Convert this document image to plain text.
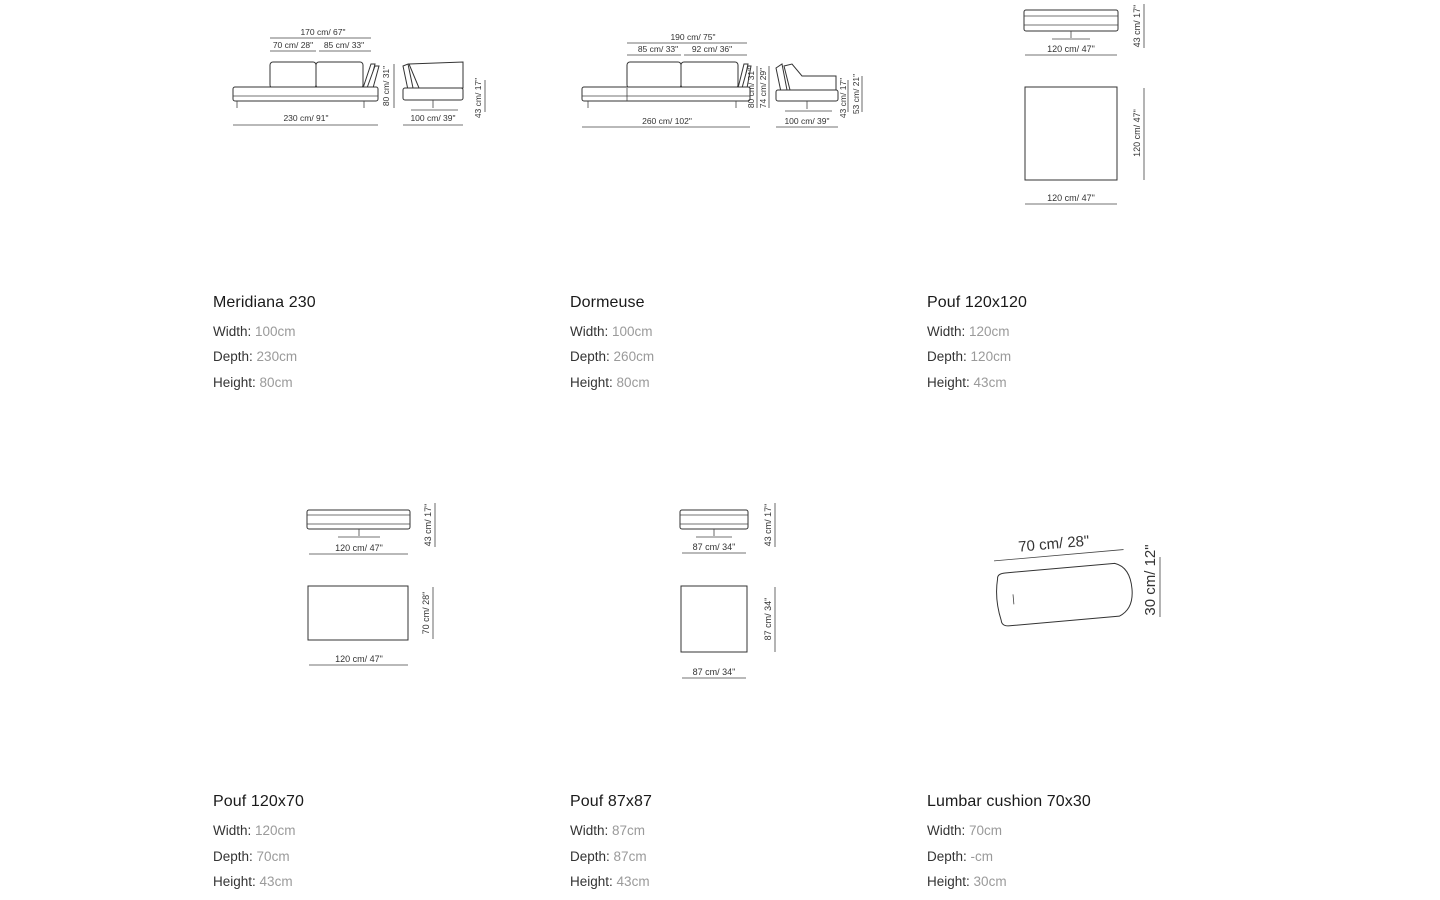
170 cm/ 67"
70 cm/ 28" 85 cm/ 33"
230 cm/ 91"
80 cm/ 31"
100 cm/ 39" 43 cm/ 17"
Meridiana 230
Width: 100cm
Depth: 230cm
Height: 80cm
190 cm/ 75"
85 cm/ 33" 92 cm/ 36"
260 cm/ 102"
80 cm/ 31" 74 cm/ 29"
100 cm/ 39"
43 cm/ 17" 53 cm/ 21"
Dormeuse
Width: 100cm
Depth: 260cm
Height: 80cm
120 cm/ 47"
43 cm/ 17"
120 cm/ 47"
120 cm/ 47"
Pouf 120x120
Width: 120cm
Depth: 120cm
Height: 43cm
120 cm/ 47"
43 cm/ 17"
70 cm/ 28"
120 cm/ 47"
Pouf 120x70
Width: 120cm
Depth: 70cm
Height: 43cm
87 cm/ 34"
43 cm/ 17"
87 cm/ 34"
87 cm/ 34"
Pouf 87x87
Width: 87cm
Depth: 87cm
Height: 43cm
70 cm/ 28"
30 cm/ 12"
Lumbar cushion 70x30
Width: 70cm
Depth: -cm
Height: 30cm
